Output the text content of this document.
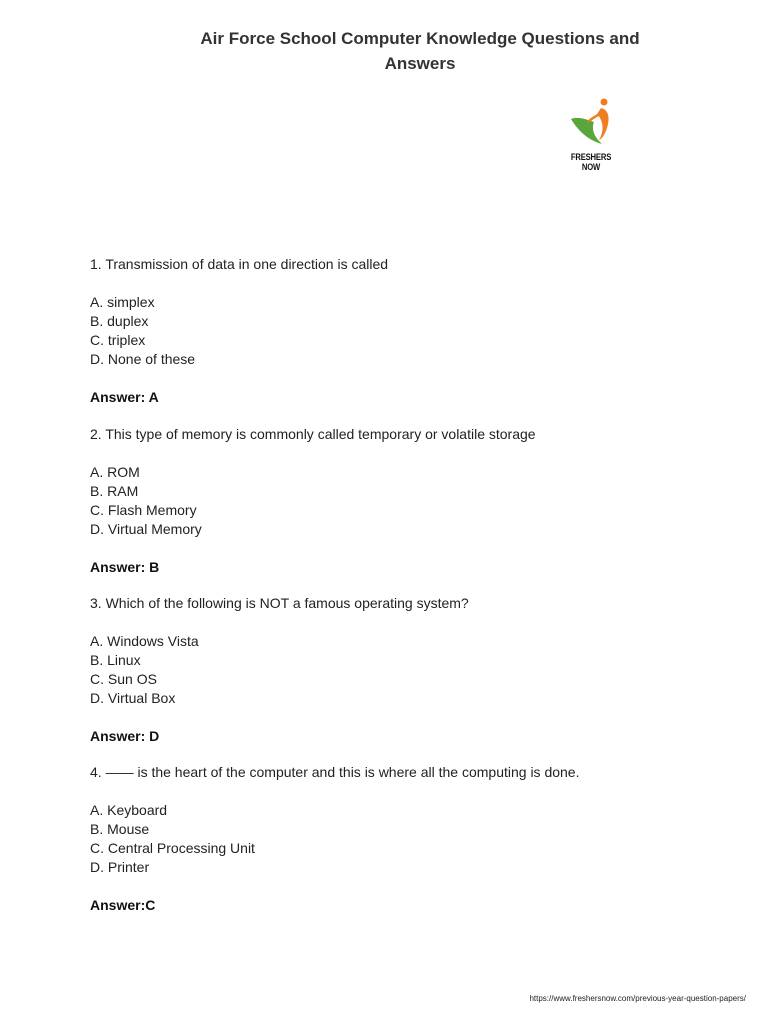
Air Force School Computer Knowledge Questions and
Answers
FRESHERS NOW
1. Transmission of data in one direction is called
A. simplex
B. duplex
C. triplex
D. None of these
Answer: A
2. This type of memory is commonly called temporary or volatile storage
A. ROM
B. RAM
C. Flash Memory
D. Virtual Memory
Answer: B
3. Which of the following is NOT a famous operating system?
A. Windows Vista
B. Linux
C. Sun OS
D. Virtual Box
Answer: D
4. —— is the heart of the computer and this is where all the computing is done.
A. Keyboard
B. Mouse
C. Central Processing Unit
D. Printer
Answer:C
https://www.freshersnow.com/previous-year-question-papers/
